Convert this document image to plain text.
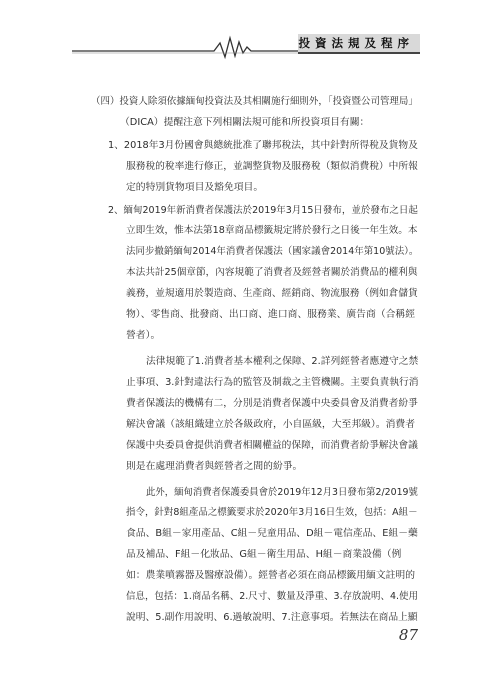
投資法規及程序
（四）投資人除須依據緬甸投資法及其相關施行細則外，「投資暨公司管理局」
（DICA）提醒注意下列相關法規可能和所投資項目有關：
1、2018年3月份國會與總統批准了聯邦稅法，其中針對所得稅及貨物及
服務稅的稅率進行修正，並調整貨物及服務稅（類似消費稅）中所報
定的特別貨物項目及豁免項目。
2、緬甸2019年新消費者保護法於2019年3月15日發布，並於發布之日起
立即生效，惟本法第18章商品標籤規定將於發行之日後一年生效。本
法同步撤銷緬甸2014年消費者保護法（國家議會2014年第10號法）。
本法共計25個章節，內容規範了消費者及經營者關於消費品的權利與
義務，並規適用於製造商、生產商、經銷商、物流服務（例如倉儲貨
物）、零售商、批發商、出口商、進口商、服務業、廣告商（合稱經
營者）。
法律規範了1.消費者基本權利之保障、2.詳列經營者應遵守之禁
止事項、3.針對違法行為的監管及制裁之主管機關。主要負責執行消
費者保護法的機構有二，分別是消費者保護中央委員會及消費者紛爭
解決會議（該組織建立於各級政府，小自區級，大至邦級）。消費者
保護中央委員會提供消費者相關權益的保障，而消費者紛爭解決會議
則是在處理消費者與經營者之間的紛爭。
此外，緬甸消費者保護委員會於2019年12月3日發布第2/2019號
指令，針對8組產品之標籤要求於2020年3月16日生效，包括：A組－
食品、B組－家用產品、C組－兒童用品、D組－電信產品、E組－藥
品及補品、F組－化妝品、G組－衛生用品、H組－商業設備（例
如：農業噴霧器及醫療設備）。經營者必須在商品標籤用緬文註明的
信息，包括：1.商品名稱、2.尺寸、數量及淨重、3.存放說明、4.使用
說明、5.副作用說明、6.過敏說明、7.注意事項。若無法在商品上顯
87
